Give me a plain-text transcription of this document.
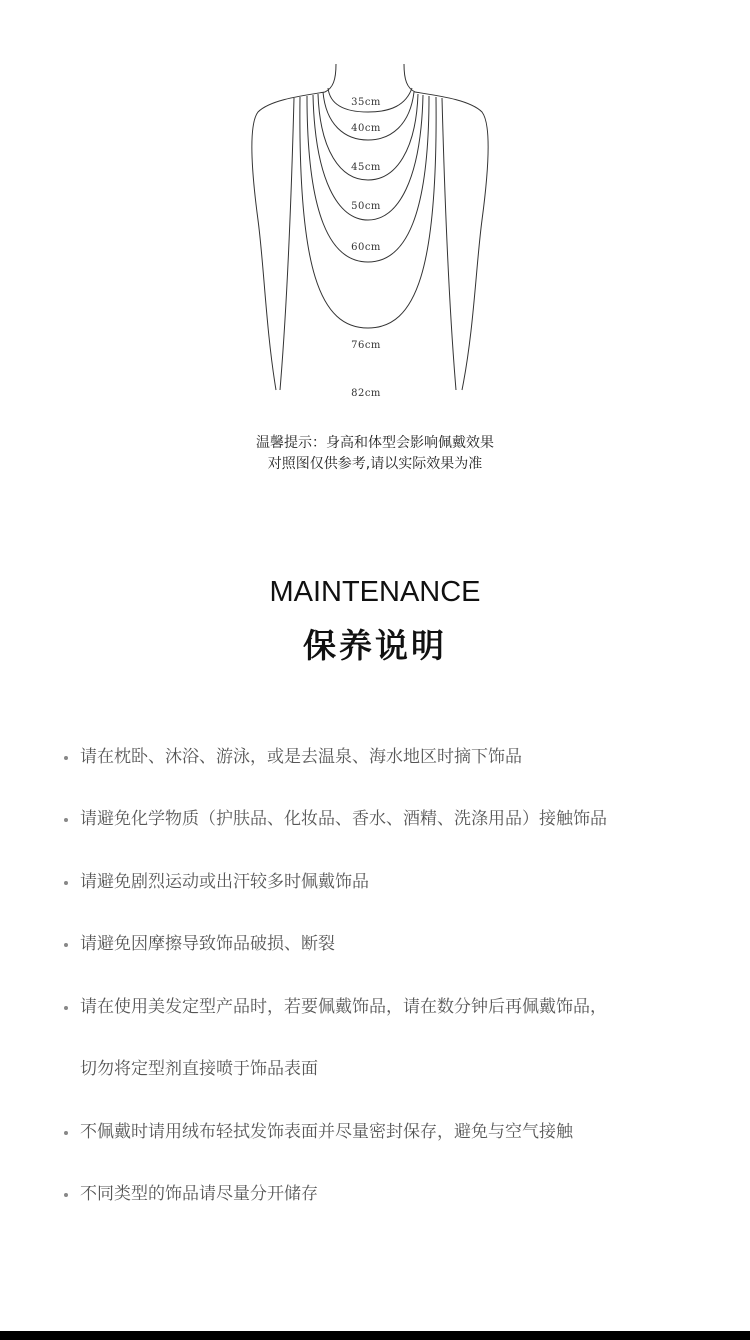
35cm
40cm
45cm
50cm
60cm
76cm
82cm
温馨提示：身高和体型会影响佩戴效果
对照图仅供参考,请以实际效果为准
MAINTENANCE
保养说明
请在枕卧、沐浴、游泳，或是去温泉、海水地区时摘下饰品
请避免化学物质（护肤品、化妆品、香水、酒精、洗涤用品）接触饰品
请避免剧烈运动或出汗较多时佩戴饰品
请避免因摩擦导致饰品破损、断裂
请在使用美发定型产品时，若要佩戴饰品，请在数分钟后再佩戴饰品，
切勿将定型剂直接喷于饰品表面
不佩戴时请用绒布轻拭发饰表面并尽量密封保存，避免与空气接触
不同类型的饰品请尽量分开储存
